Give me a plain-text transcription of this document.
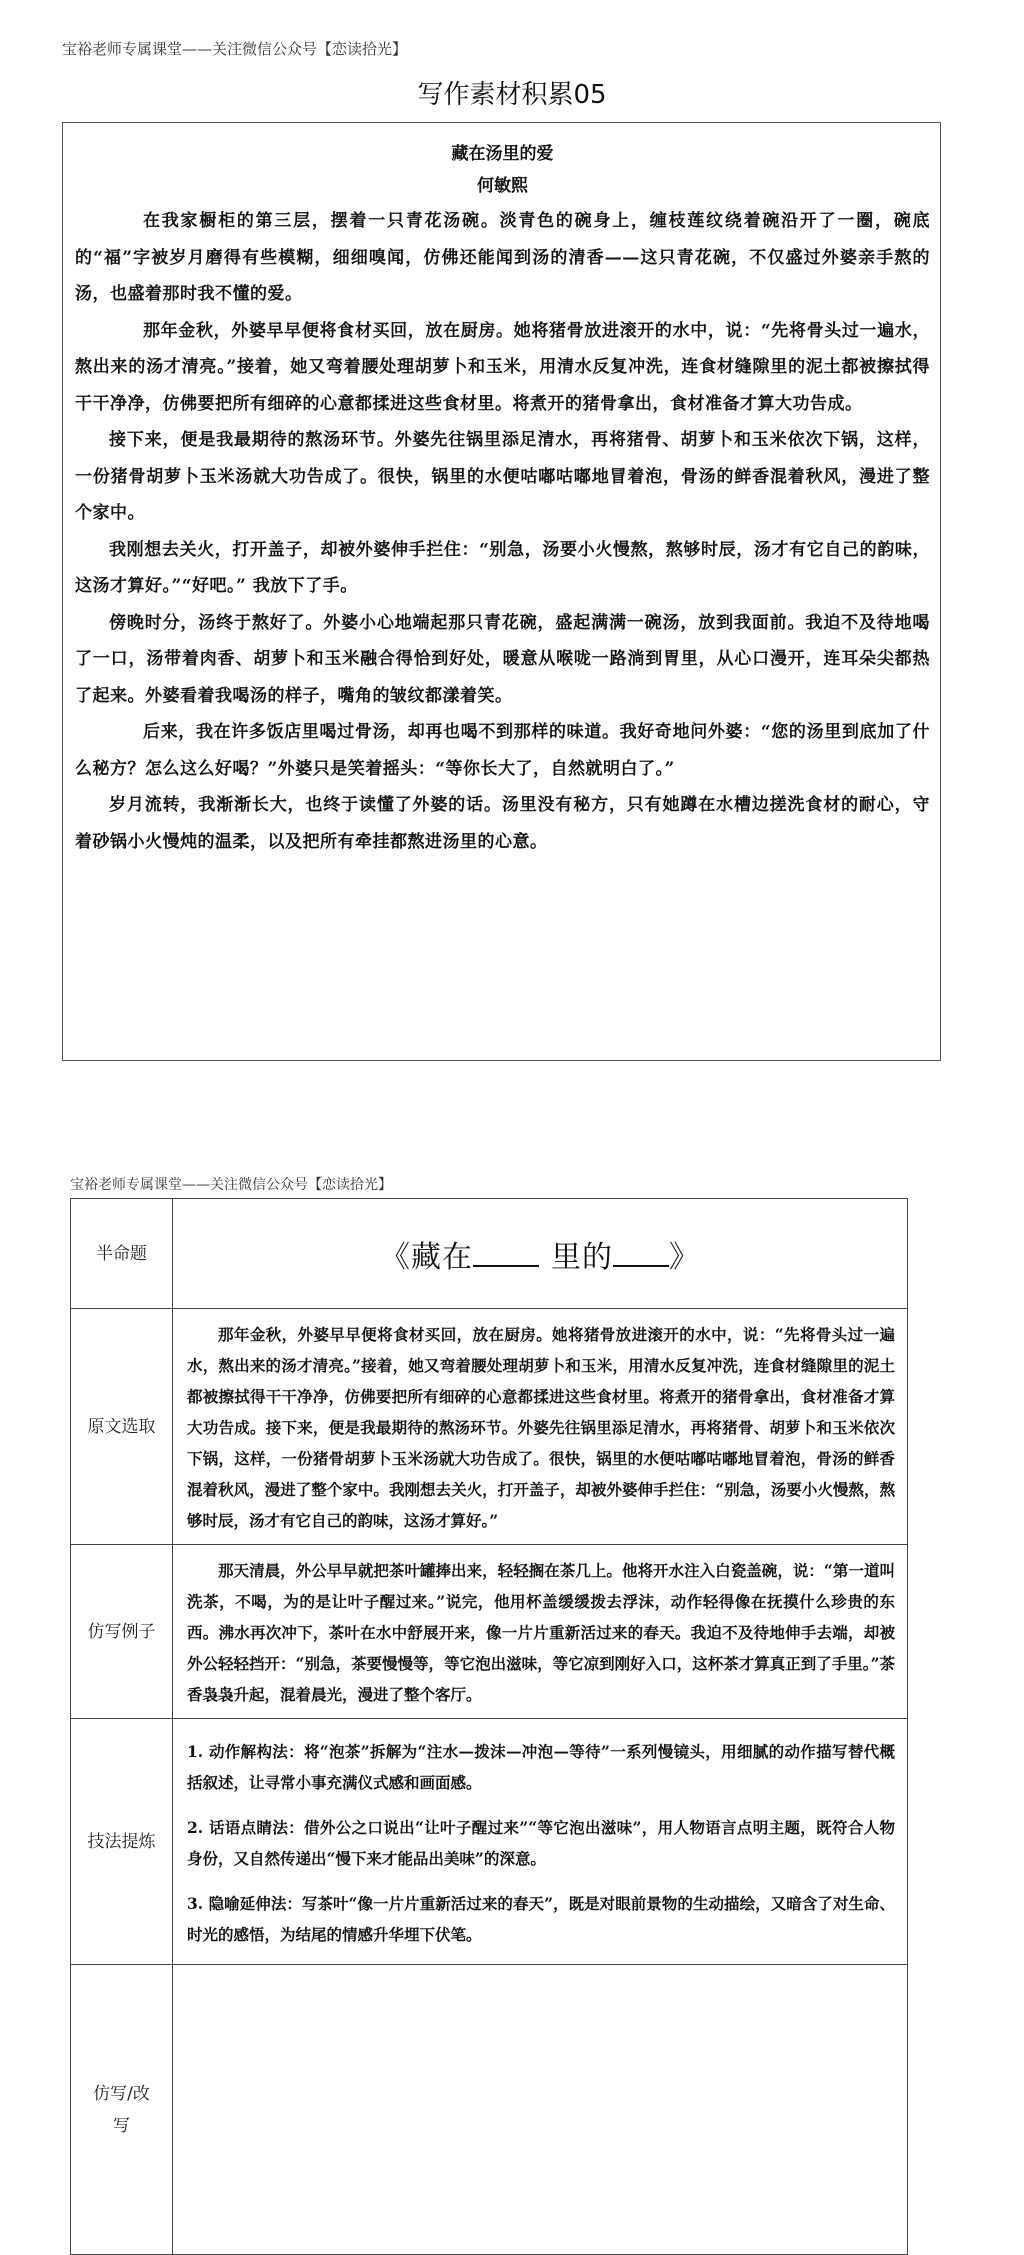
宝裕老师专属课堂——关注微信公众号【恋读拾光】
写作素材积累05
藏在汤里的爱
何敏熙

在我家橱柜的第三层，摆着一只青花汤碗。淡青色的碗身上，缠枝莲纹绕着碗沿开了一圈，碗底的“福”字被岁月磨得有些模糊，细细嗅闻，仿佛还能闻到汤的清香——这只青花碗，不仅盛过外婆亲手熬的汤，也盛着那时我不懂的爱。

那年金秋，外婆早早便将食材买回，放在厨房。她将猪骨放进滚开的水中，说：“先将骨头过一遍水，熬出来的汤才清亮。”接着，她又弯着腰处理胡萝卜和玉米，用清水反复冲洗，连食材缝隙里的泥土都被擦拭得干干净净，仿佛要把所有细碎的心意都揉进这些食材里。将煮开的猪骨拿出，食材准备才算大功告成。

接下来，便是我最期待的熬汤环节。外婆先往锅里添足清水，再将猪骨、胡萝卜和玉米依次下锅，这样，一份猪骨胡萝卜玉米汤就大功告成了。很快，锅里的水便咕嘟咕嘟地冒着泡，骨汤的鲜香混着秋风，漫进了整个家中。

我刚想去关火，打开盖子，却被外婆伸手拦住：“别急，汤要小火慢熬，熬够时辰，汤才有它自己的韵味，这汤才算好。”“好吧。” 我放下了手。

傍晚时分，汤终于熬好了。外婆小心地端起那只青花碗，盛起满满一碗汤，放到我面前。我迫不及待地喝了一口，汤带着肉香、胡萝卜和玉米融合得恰到好处，暖意从喉咙一路淌到胃里，从心口漫开，连耳朵尖都热了起来。外婆看着我喝汤的样子，嘴角的皱纹都漾着笑。

后来，我在许多饭店里喝过骨汤，却再也喝不到那样的味道。我好奇地问外婆：“您的汤里到底加了什么秘方？怎么这么好喝？”外婆只是笑着摇头：“等你长大了，自然就明白了。”

岁月流转，我渐渐长大，也终于读懂了外婆的话。汤里没有秘方，只有她蹲在水槽边搓洗食材的耐心，守着砂锅小火慢炖的温柔，以及把所有牵挂都熬进汤里的心意。

宝裕老师专属课堂——关注微信公众号【恋读拾光】
半命题	《藏在 里的 》
原文选取	那年金秋，外婆早早便将食材买回，放在厨房。她将猪骨放进滚开的水中，说：“先将骨头过一遍水，熬出来的汤才清亮。”接着，她又弯着腰处理胡萝卜和玉米，用清水反复冲洗，连食材缝隙里的泥土都被擦拭得干干净净，仿佛要把所有细碎的心意都揉进这些食材里。将煮开的猪骨拿出，食材准备才算大功告成。接下来，便是我最期待的熬汤环节。外婆先往锅里添足清水，再将猪骨、胡萝卜和玉米依次下锅，这样，一份猪骨胡萝卜玉米汤就大功告成了。很快，锅里的水便咕嘟咕嘟地冒着泡，骨汤的鲜香混着秋风，漫进了整个家中。我刚想去关火，打开盖子，却被外婆伸手拦住：“别急，汤要小火慢熬，熬够时辰，汤才有它自己的韵味，这汤才算好。”
仿写例子	那天清晨，外公早早就把茶叶罐捧出来，轻轻搁在茶几上。他将开水注入白瓷盖碗，说：“第一道叫洗茶，不喝，为的是让叶子醒过来。”说完，他用杯盖缓缓拨去浮沫，动作轻得像在抚摸什么珍贵的东西。沸水再次冲下，茶叶在水中舒展开来，像一片片重新活过来的春天。我迫不及待地伸手去端，却被外公轻轻挡开：“别急，茶要慢慢等，等它泡出滋味，等它凉到刚好入口，这杯茶才算真正到了手里。”茶香袅袅升起，混着晨光，漫进了整个客厅。
技法提炼	1. 动作解构法：将“泡茶”拆解为“注水—拨沫—冲泡—等待”一系列慢镜头，用细腻的动作描写替代概括叙述，让寻常小事充满仪式感和画面感。

2. 话语点睛法：借外公之口说出“让叶子醒过来”“等它泡出滋味”，用人物语言点明主题，既符合人物身份，又自然传递出“慢下来才能品出美味”的深意。

3. 隐喻延伸法：写茶叶“像一片片重新活过来的春天”，既是对眼前景物的生动描绘，又暗含了对生命、时光的感悟，为结尾的情感升华埋下伏笔。

仿写/改写	
